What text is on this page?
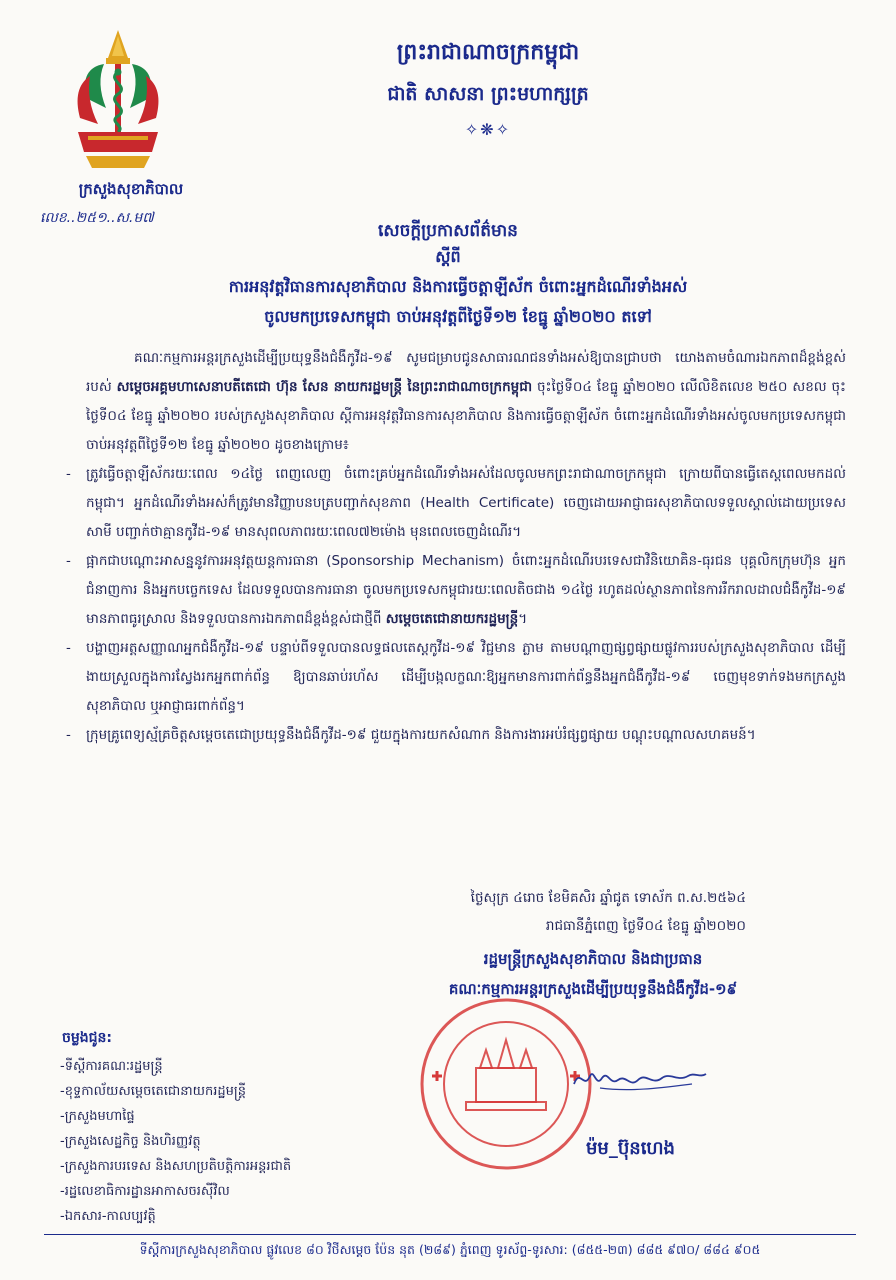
ក្រសួងសុខាភិបាល
លេខ..២៥១..ស.ម៧
ព្រះរាជាណាចក្រកម្ពុជា
ជាតិ សាសនា ព្រះមហាក្សត្រ
✧❋✧
សេចក្ដីប្រកាសព័ត៌មាន
ស្ដីពី
ការអនុវត្តវិធានការសុខាភិបាល និងការធ្វើចត្តាឡីស័ក ចំពោះអ្នកដំណើរទាំងអស់
ចូលមកប្រទេសកម្ពុជា ចាប់អនុវត្តពីថ្ងៃទី១២ ខែធ្នូ ឆ្នាំ២០២០ តទៅ

គណៈកម្មការអន្តរក្រសួងដើម្បីប្រយុទ្ធនឹងជំងឺកូវីដ-១៩ សូមជម្រាបជូនសាធារណជនទាំងអស់ឱ្យបានជ្រាបថា យោងតាមចំណារឯកភាពដ៏ខ្ពង់ខ្ពស់របស់ សម្ដេចអគ្គមហាសេនាបតីតេជោ ហ៊ុន សែន នាយករដ្ឋមន្ត្រី នៃព្រះរាជាណាចក្រកម្ពុជា ចុះថ្ងៃទី០៤ ខែធ្នូ ឆ្នាំ២០២០ លើលិខិតលេខ ២៥០ សខល ចុះថ្ងៃទី០៤ ខែធ្នូ ឆ្នាំ២០២០ របស់ក្រសួងសុខាភិបាល ស្ដីការអនុវត្តវិធានការសុខាភិបាល និងការធ្វើចត្តាឡីស័ក ចំពោះអ្នកដំណើរទាំងអស់ចូលមកប្រទេសកម្ពុជា ចាប់អនុវត្តពីថ្ងៃទី១២ ខែធ្នូ ឆ្នាំ២០២០ ដូចខាងក្រោម៖

- ត្រូវធ្វើចត្តាឡីស័ករយៈពេល ១៤ថ្ងៃ ពេញលេញ ចំពោះគ្រប់អ្នកដំណើរទាំងអស់ដែលចូលមកព្រះរាជាណាចក្រកម្ពុជា ក្រោយពីបានធ្វើតេស្តពេលមកដល់កម្ពុជា។ អ្នកដំណើរទាំងអស់ក៏ត្រូវមានវិញ្ញាបនបត្របញ្ជាក់សុខភាព (Health Certificate) ចេញដោយអាជ្ញាធរសុខាភិបាលទទួលស្គាល់ដោយប្រទេសសាមី បញ្ជាក់ថាគ្មានកូវីដ-១៩ មានសុពលភាពរយៈពេល៧២ម៉ោង មុនពេលចេញដំណើរ។
- ផ្អាកជាបណ្ដោះអាសន្ននូវការអនុវត្តយន្តការធានា (Sponsorship Mechanism) ចំពោះអ្នកដំណើរបរទេសជាវិនិយោគិន-ធុរជន បុគ្គលិកក្រុមហ៊ុន អ្នកជំនាញការ និងអ្នកបច្ចេកទេស ដែលទទួលបានការធានា ចូលមកប្រទេសកម្ពុជារយៈពេលតិចជាង ១៤ថ្ងៃ រហូតដល់ស្ថានភាពនៃការរីករាលដាលជំងឺកូវីដ-១៩ មានភាពធូរស្រាល និងទទួលបានការឯកភាពដ៏ខ្ពង់ខ្ពស់ជាថ្មីពី សម្ដេចតេជោនាយករដ្ឋមន្ត្រី។
- បង្ហាញអត្តសញ្ញាណអ្នកជំងឺកូវីដ-១៩ បន្ទាប់ពីទទួលបានលទ្ធផលតេស្តកូវីដ-១៩ វិជ្ជមាន ភ្លាម តាមបណ្ដាញផ្សព្វផ្សាយផ្លូវការរបស់ក្រសួងសុខាភិបាល ដើម្បីងាយស្រួលក្នុងការស្វែងរកអ្នកពាក់ព័ន្ធ ឱ្យបានឆាប់រហ័ស ដើម្បីបង្កលក្ខណៈឱ្យអ្នកមានការពាក់ព័ន្ធនឹងអ្នកជំងឺកូវីដ-១៩ ចេញមុខទាក់ទងមកក្រសួងសុខាភិបាល ឬអាជ្ញាធរពាក់ព័ន្ធ។
- ក្រុមគ្រូពេទ្យស្ម័គ្រចិត្តសម្ដេចតេជោប្រយុទ្ធនឹងជំងឺកូវីដ-១៩ ជួយក្នុងការយកសំណាក និងការងារអប់រំផ្សព្វផ្សាយ បណ្ដុះបណ្ដាលសហគមន៍។
ថ្ងៃសុក្រ ៤រោច ខែមិគសិរ ឆ្នាំជូត ទោស័ក ព.ស.២៥៦៤
រាជធានីភ្នំពេញ ថ្ងៃទី០៤ ខែធ្នូ ឆ្នាំ២០២០
រដ្ឋមន្ត្រីក្រសួងសុខាភិបាល និងជាប្រធាន
គណៈកម្មការអន្តរក្រសួងដើម្បីប្រយុទ្ធនឹងជំងឺកូវីដ-១៩
ម៉ម_ប៊ុនហេង
ចម្លងជូន:
-ទីស្ដីការគណៈរដ្ឋមន្ត្រី
-ខុទ្ទកាល័យសម្ដេចតេជោនាយករដ្ឋមន្ត្រី
-ក្រសួងមហាផ្ទៃ
-ក្រសួងសេដ្ឋកិច្ច និងហិរញ្ញវត្ថុ
-ក្រសួងការបរទេស និងសហប្រតិបត្តិការអន្តរជាតិ
-រដ្ឋលេខាធិការដ្ឋានអាកាសចរស៊ីវិល
-ឯកសារ-កាលប្បវត្តិ
ទីស្ដីការក្រសួងសុខាភិបាល ផ្លូវលេខ ៨០ វិថីសម្ដេច ប៉ែន នុត (២៨៩) ភ្នំពេញ ទូរស័ព្ទ-ទូរសារ: (៨៥៥-២៣) ៨៨៥ ៩៧០/ ៨៨៤ ៩០៥
